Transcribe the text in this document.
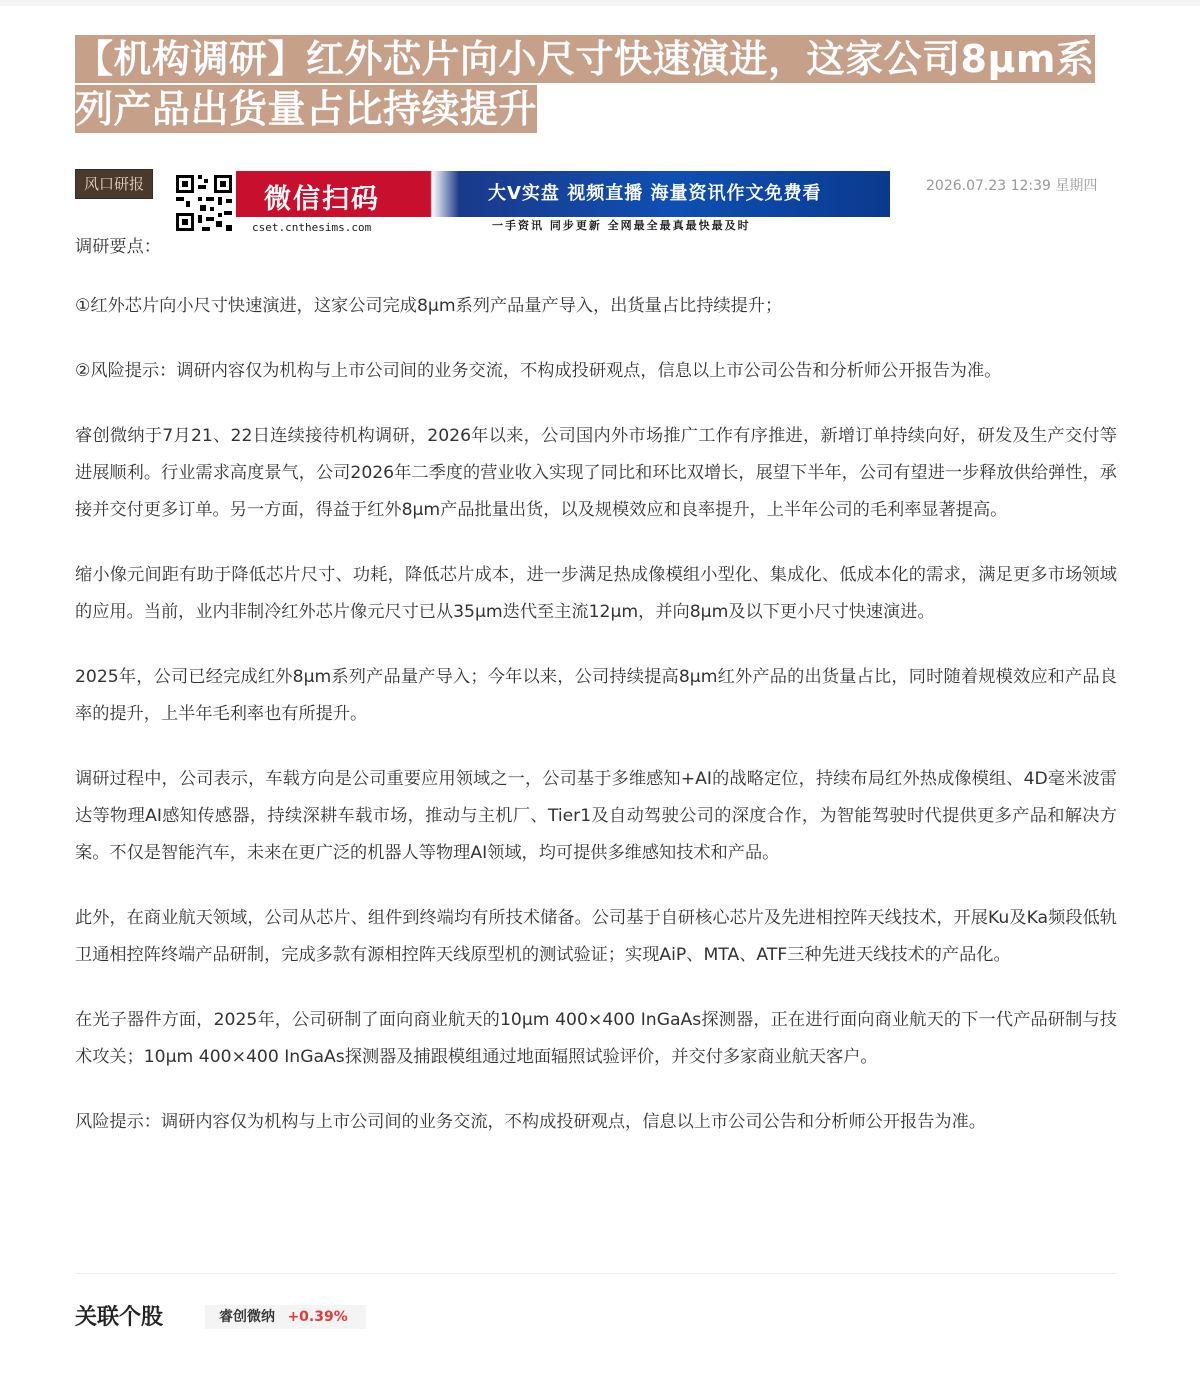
【机构调研】红外芯片向小尺寸快速演进，这家公司8μm系列产品出货量占比持续提升
风口研报	微信扫码	大V实盘 视频直播 海量资讯作文免费看
cset.cnthesims.com	一手资讯 同步更新 全网最全最真最快最及时
2026.07.23 12:39 星期四

调研要点：

①红外芯片向小尺寸快速演进，这家公司完成8μm系列产品量产导入，出货量占比持续提升；

②风险提示：调研内容仅为机构与上市公司间的业务交流，不构成投研观点，信息以上市公司公告和分析师公开报告为准。

睿创微纳于7月21、22日连续接待机构调研，2026年以来，公司国内外市场推广工作有序推进，新增订单持续向好，研发及生产交付等进展顺利。行业需求高度景气，公司2026年二季度的营业收入实现了同比和环比双增长，展望下半年，公司有望进一步释放供给弹性，承接并交付更多订单。另一方面，得益于红外8μm产品批量出货，以及规模效应和良率提升，上半年公司的毛利率显著提高。

缩小像元间距有助于降低芯片尺寸、功耗，降低芯片成本，进一步满足热成像模组小型化、集成化、低成本化的需求，满足更多市场领域的应用。当前，业内非制冷红外芯片像元尺寸已从35μm迭代至主流12μm，并向8μm及以下更小尺寸快速演进。

2025年，公司已经完成红外8μm系列产品量产导入；今年以来，公司持续提高8μm红外产品的出货量占比，同时随着规模效应和产品良率的提升，上半年毛利率也有所提升。

调研过程中，公司表示，车载方向是公司重要应用领域之一，公司基于多维感知+AI的战略定位，持续布局红外热成像模组、4D毫米波雷达等物理AI感知传感器，持续深耕车载市场，推动与主机厂、Tier1及自动驾驶公司的深度合作，为智能驾驶时代提供更多产品和解决方案。不仅是智能汽车，未来在更广泛的机器人等物理AI领域，均可提供多维感知技术和产品。

此外，在商业航天领域，公司从芯片、组件到终端均有所技术储备。公司基于自研核心芯片及先进相控阵天线技术，开展Ku及Ka频段低轨卫通相控阵终端产品研制，完成多款有源相控阵天线原型机的测试验证；实现AiP、MTA、ATF三种先进天线技术的产品化。

在光子器件方面，2025年，公司研制了面向商业航天的10μm 400×400 InGaAs探测器，正在进行面向商业航天的下一代产品研制与技术攻关；10μm 400×400 InGaAs探测器及捕跟模组通过地面辐照试验评价，并交付多家商业航天客户。

风险提示：调研内容仅为机构与上市公司间的业务交流，不构成投研观点，信息以上市公司公告和分析师公开报告为准。

关联个股	睿创微纳 +0.39%
